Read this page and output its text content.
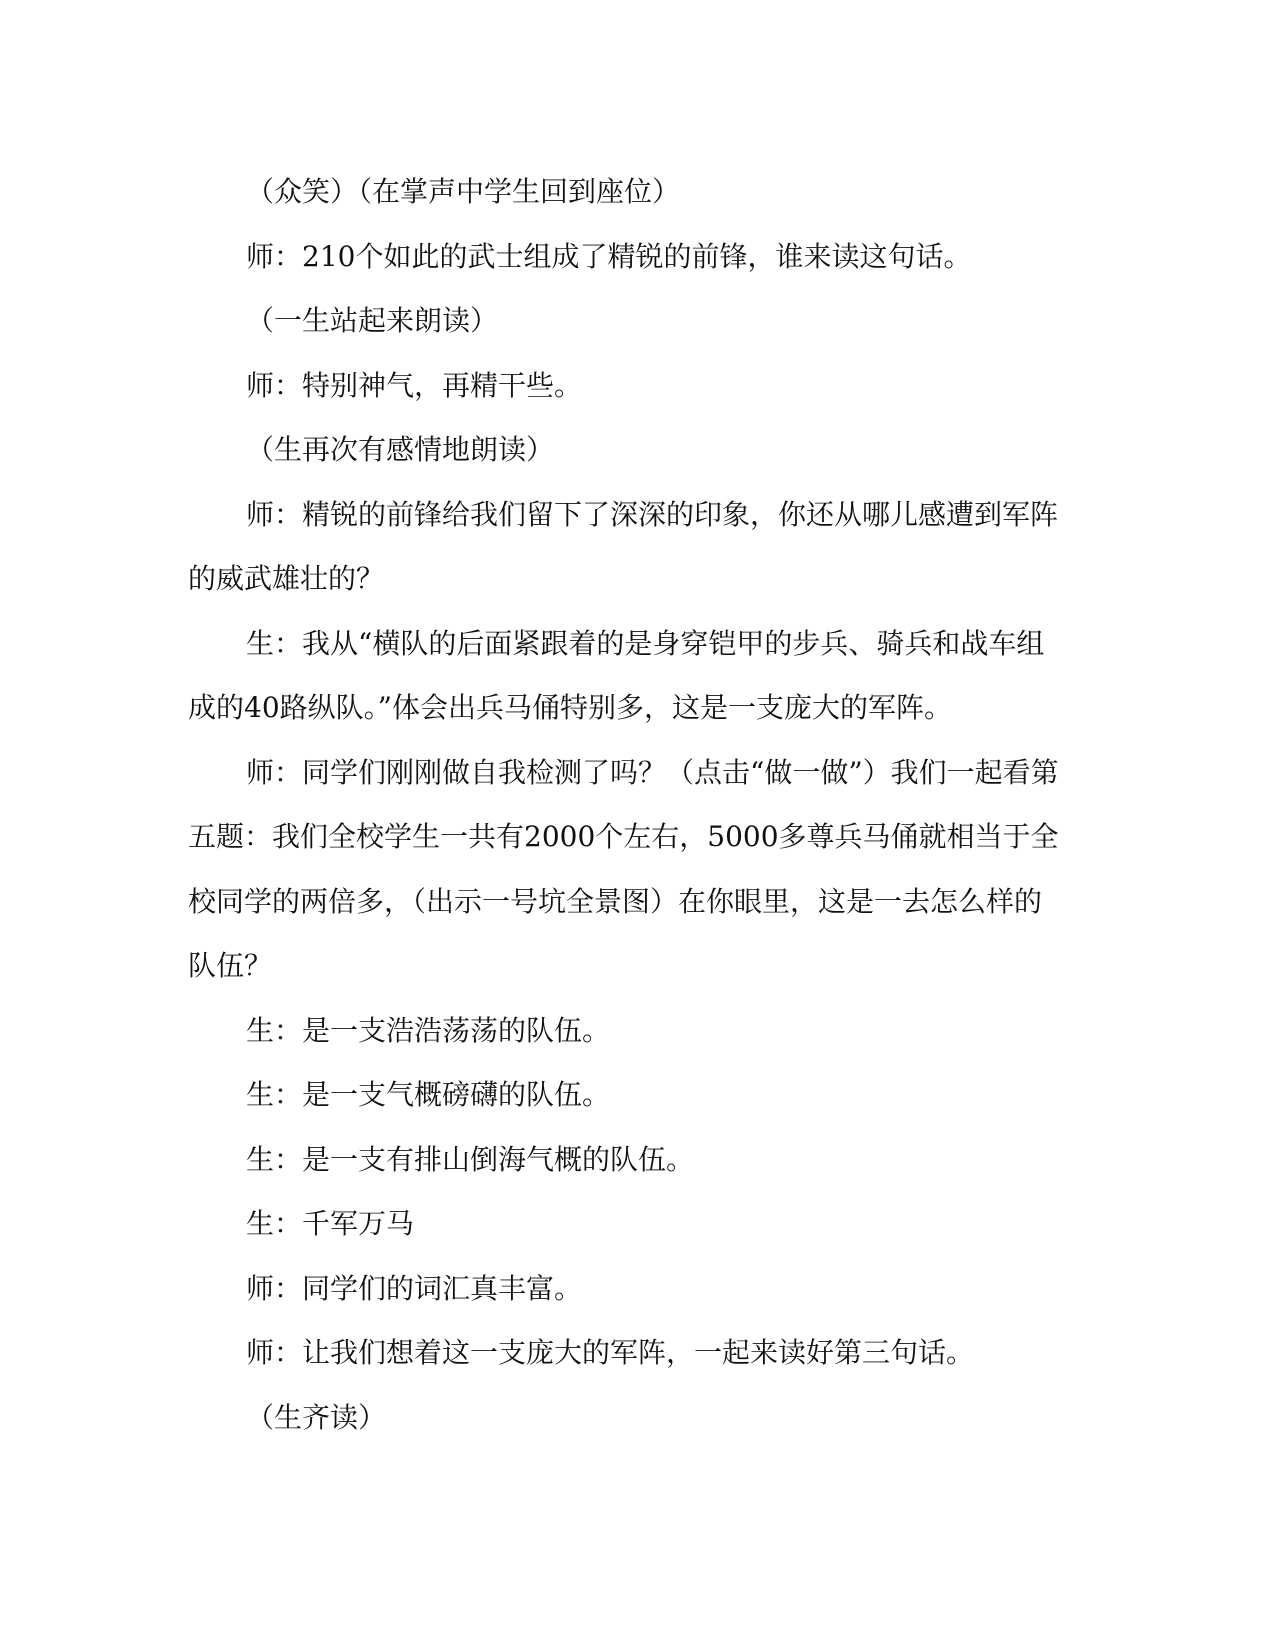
（众笑）（在掌声中学生回到座位）

师：210个如此的武士组成了精锐的前锋，谁来读这句话。

（一生站起来朗读）

师：特别神气，再精干些。

（生再次有感情地朗读）

师：精锐的前锋给我们留下了深深的印象，你还从哪儿感遭到军阵的威武雄壮的？

生：我从“横队的后面紧跟着的是身穿铠甲的步兵、骑兵和战车组成的40路纵队。”体会出兵马俑特别多，这是一支庞大的军阵。

师：同学们刚刚做自我检测了吗？（点击“做一做”）我们一起看第五题：我们全校学生一共有2000个左右，5000多尊兵马俑就相当于全校同学的两倍多，（出示一号坑全景图）在你眼里，这是一去怎么样的队伍？

生：是一支浩浩荡荡的队伍。

生：是一支气概磅礴的队伍。

生：是一支有排山倒海气概的队伍。

生：千军万马

师：同学们的词汇真丰富。

师：让我们想着这一支庞大的军阵，一起来读好第三句话。

（生齐读）
